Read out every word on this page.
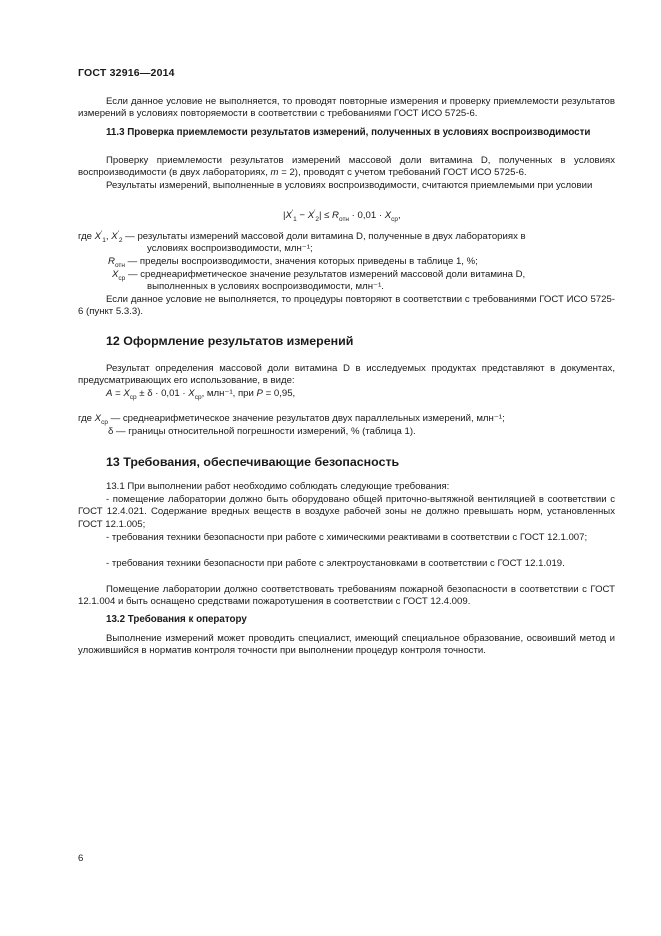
ГОСТ 32916—2014
Если данное условие не выполняется, то проводят повторные измерения и проверку приемлемости результатов измерений в условиях повторяемости в соответствии с требованиями ГОСТ ИСО 5725-6.
11.3 Проверка приемлемости результатов измерений, полученных в условиях воспроизводимости
Проверку приемлемости результатов измерений массовой доли витамина D, полученных в условиях воспроизводимости (в двух лабораториях, m = 2), проводят с учетом требований ГОСТ ИСО 5725-6.
Результаты измерений, выполненные в условиях воспроизводимости, считаются приемлемыми при условии
$|X'_1 - X'_2| \le R_{отн} \cdot 0,01 \cdot X_{ср}$,
где $X'_1$, $X'_2$ — результаты измерений массовой доли витамина D, полученные в двух лабораториях в
условиях воспроизводимости, млн⁻¹;
$R_{отн}$ — пределы воспроизводимости, значения которых приведены в таблице 1, %;
$X_{ср}$ — среднеарифметическое значение результатов измерений массовой доли витамина D,
выполненных в условиях воспроизводимости, млн⁻¹.
Если данное условие не выполняется, то процедуры повторяют в соответствии с требованиями ГОСТ ИСО 5725-6 (пункт 5.3.3).
12 Оформление результатов измерений
Результат определения массовой доли витамина D в исследуемых продуктах представляют в документах, предусматривающих его использование, в виде:
$A = X_{ср} \pm \delta \cdot 0,01 \cdot X_{ср}$, млн⁻¹, при P = 0,95,
где $X_{ср}$ — среднеарифметическое значение результатов двух параллельных измерений, млн⁻¹;
δ — границы относительной погрешности измерений, % (таблица 1).
13 Требования, обеспечивающие безопасность
13.1 При выполнении работ необходимо соблюдать следующие требования:
- помещение лаборатории должно быть оборудовано общей приточно-вытяжной вентиляцией в соответствии с ГОСТ 12.4.021. Содержание вредных веществ в воздухе рабочей зоны не должно превышать норм, установленных ГОСТ 12.1.005;
- требования техники безопасности при работе с химическими реактивами в соответствии с ГОСТ 12.1.007;
- требования техники безопасности при работе с электроустановками в соответствии с ГОСТ 12.1.019.
Помещение лаборатории должно соответствовать требованиям пожарной безопасности в соответствии с ГОСТ 12.1.004 и быть оснащено средствами пожаротушения в соответствии с ГОСТ 12.4.009.
13.2 Требования к оператору
Выполнение измерений может проводить специалист, имеющий специальное образование, освоивший метод и уложившийся в норматив контроля точности при выполнении процедур контроля точности.
6
